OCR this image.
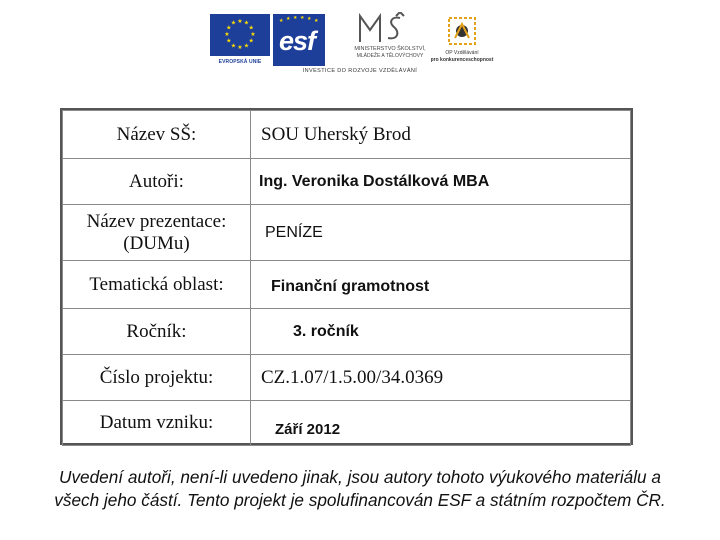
★ ★
★
★
★
★
★
★
★
★
★
★
EVROPSKÁ UNIE
★ ★ ★ ★ ★ ★
esf	MINISTERSTVO ŠKOLSTVÍ,
MLÁDEŽE A TĚLOVÝCHOVY	OP Vzdělávání
pro konkurenceschopnost
INVESTICE DO ROZVOJE VZDĚLÁVÁNÍ
Název SŠ:	SOU Uherský Brod
Autoři:	Ing. Veronika Dostálková MBA
Název prezentace: (DUMu)	PENÍZE
Tematická oblast:	Finanční gramotnost
Ročník:	3. ročník
Číslo projektu:	CZ.1.07/1.5.00/34.0369
Datum vzniku:	Září 2012
Uvedení autoři, není-li uvedeno jinak, jsou autory tohoto výukového materiálu a
všech jeho částí. Tento projekt je spolufinancován ESF a státním rozpočtem ČR.
